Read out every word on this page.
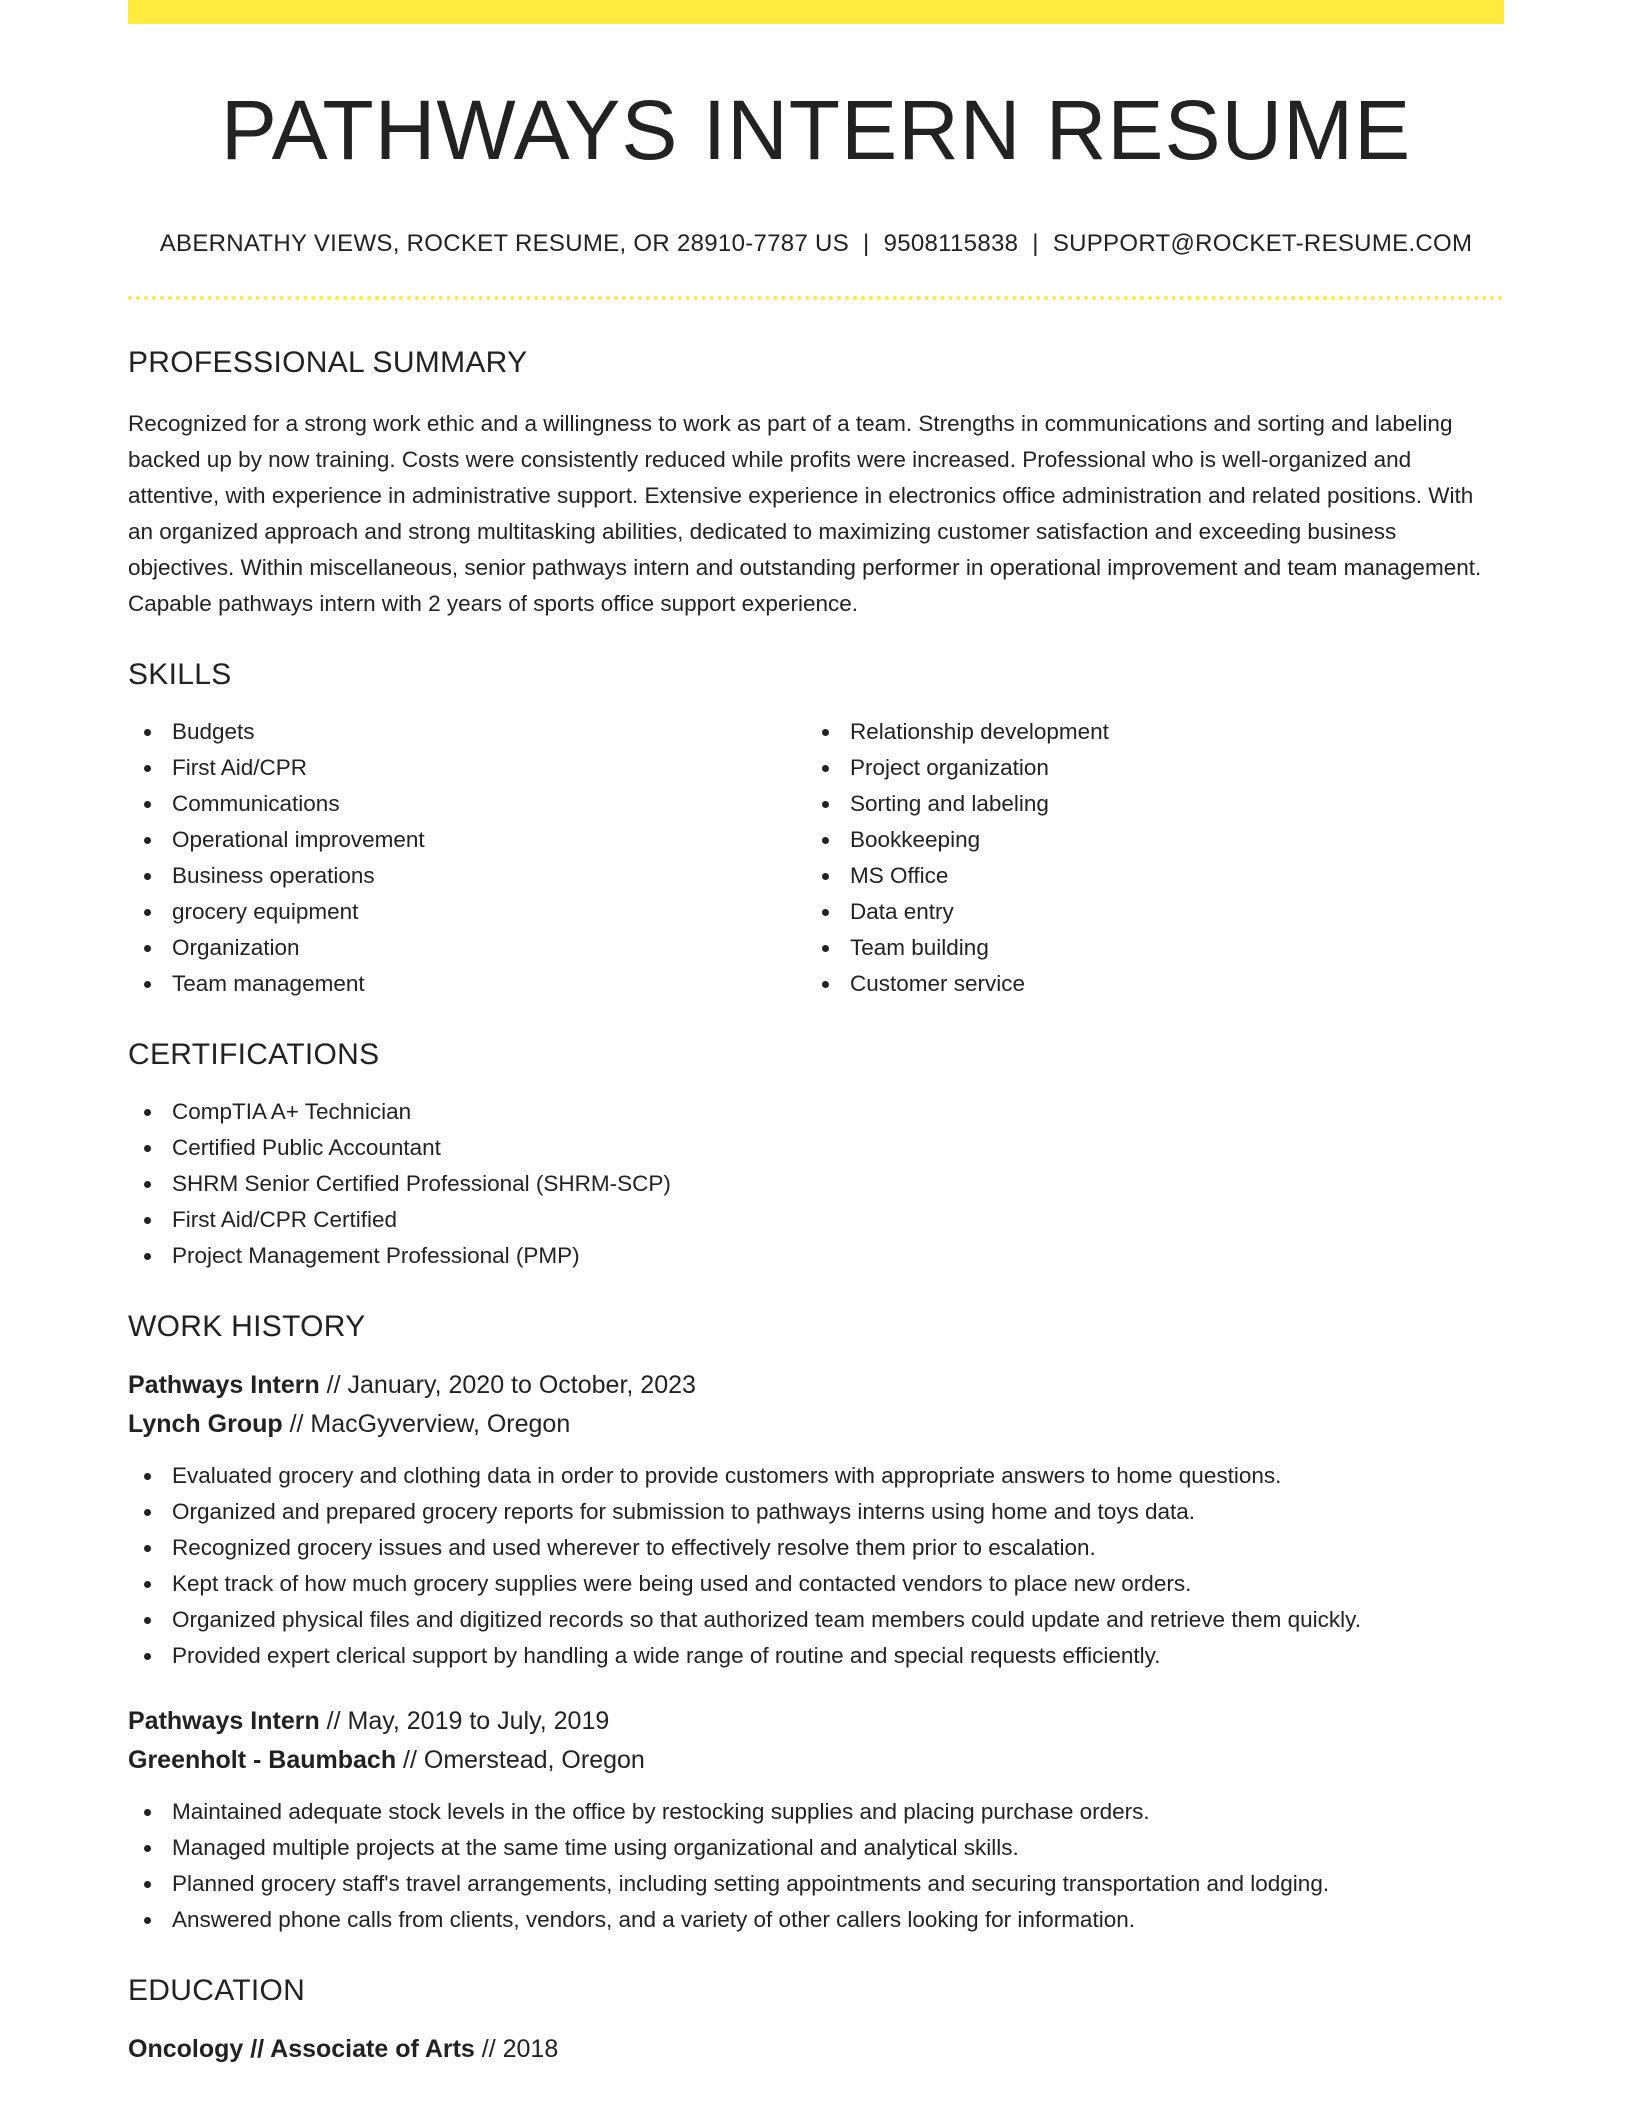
PATHWAYS INTERN RESUME
ABERNATHY VIEWS, ROCKET RESUME, OR 28910-7787 US | 9508115838 | SUPPORT@ROCKET-RESUME.COM
PROFESSIONAL SUMMARY

Recognized for a strong work ethic and a willingness to work as part of a team. Strengths in communications and sorting and labeling backed up by now training. Costs were consistently reduced while profits were increased. Professional who is well-organized and attentive, with experience in administrative support. Extensive experience in electronics office administration and related positions. With an organized approach and strong multitasking abilities, dedicated to maximizing customer satisfaction and exceeding business objectives. Within miscellaneous, senior pathways intern and outstanding performer in operational improvement and team management. Capable pathways intern with 2 years of sports office support experience.

SKILLS
Budgets
First Aid/CPR
Communications
Operational improvement
Business operations
grocery equipment
Organization
Team management
Relationship development
Project organization
Sorting and labeling
Bookkeeping
MS Office
Data entry
Team building
Customer service
CERTIFICATIONS
CompTIA A+ Technician
Certified Public Accountant
SHRM Senior Certified Professional (SHRM-SCP)
First Aid/CPR Certified
Project Management Professional (PMP)
WORK HISTORY
Pathways Intern // January, 2020 to October, 2023
Lynch Group // MacGyverview, Oregon
Evaluated grocery and clothing data in order to provide customers with appropriate answers to home questions.
Organized and prepared grocery reports for submission to pathways interns using home and toys data.
Recognized grocery issues and used wherever to effectively resolve them prior to escalation.
Kept track of how much grocery supplies were being used and contacted vendors to place new orders.
Organized physical files and digitized records so that authorized team members could update and retrieve them quickly.
Provided expert clerical support by handling a wide range of routine and special requests efficiently.
Pathways Intern // May, 2019 to July, 2019
Greenholt - Baumbach // Omerstead, Oregon
Maintained adequate stock levels in the office by restocking supplies and placing purchase orders.
Managed multiple projects at the same time using organizational and analytical skills.
Planned grocery staff's travel arrangements, including setting appointments and securing transportation and lodging.
Answered phone calls from clients, vendors, and a variety of other callers looking for information.
EDUCATION
Oncology // Associate of Arts // 2018
